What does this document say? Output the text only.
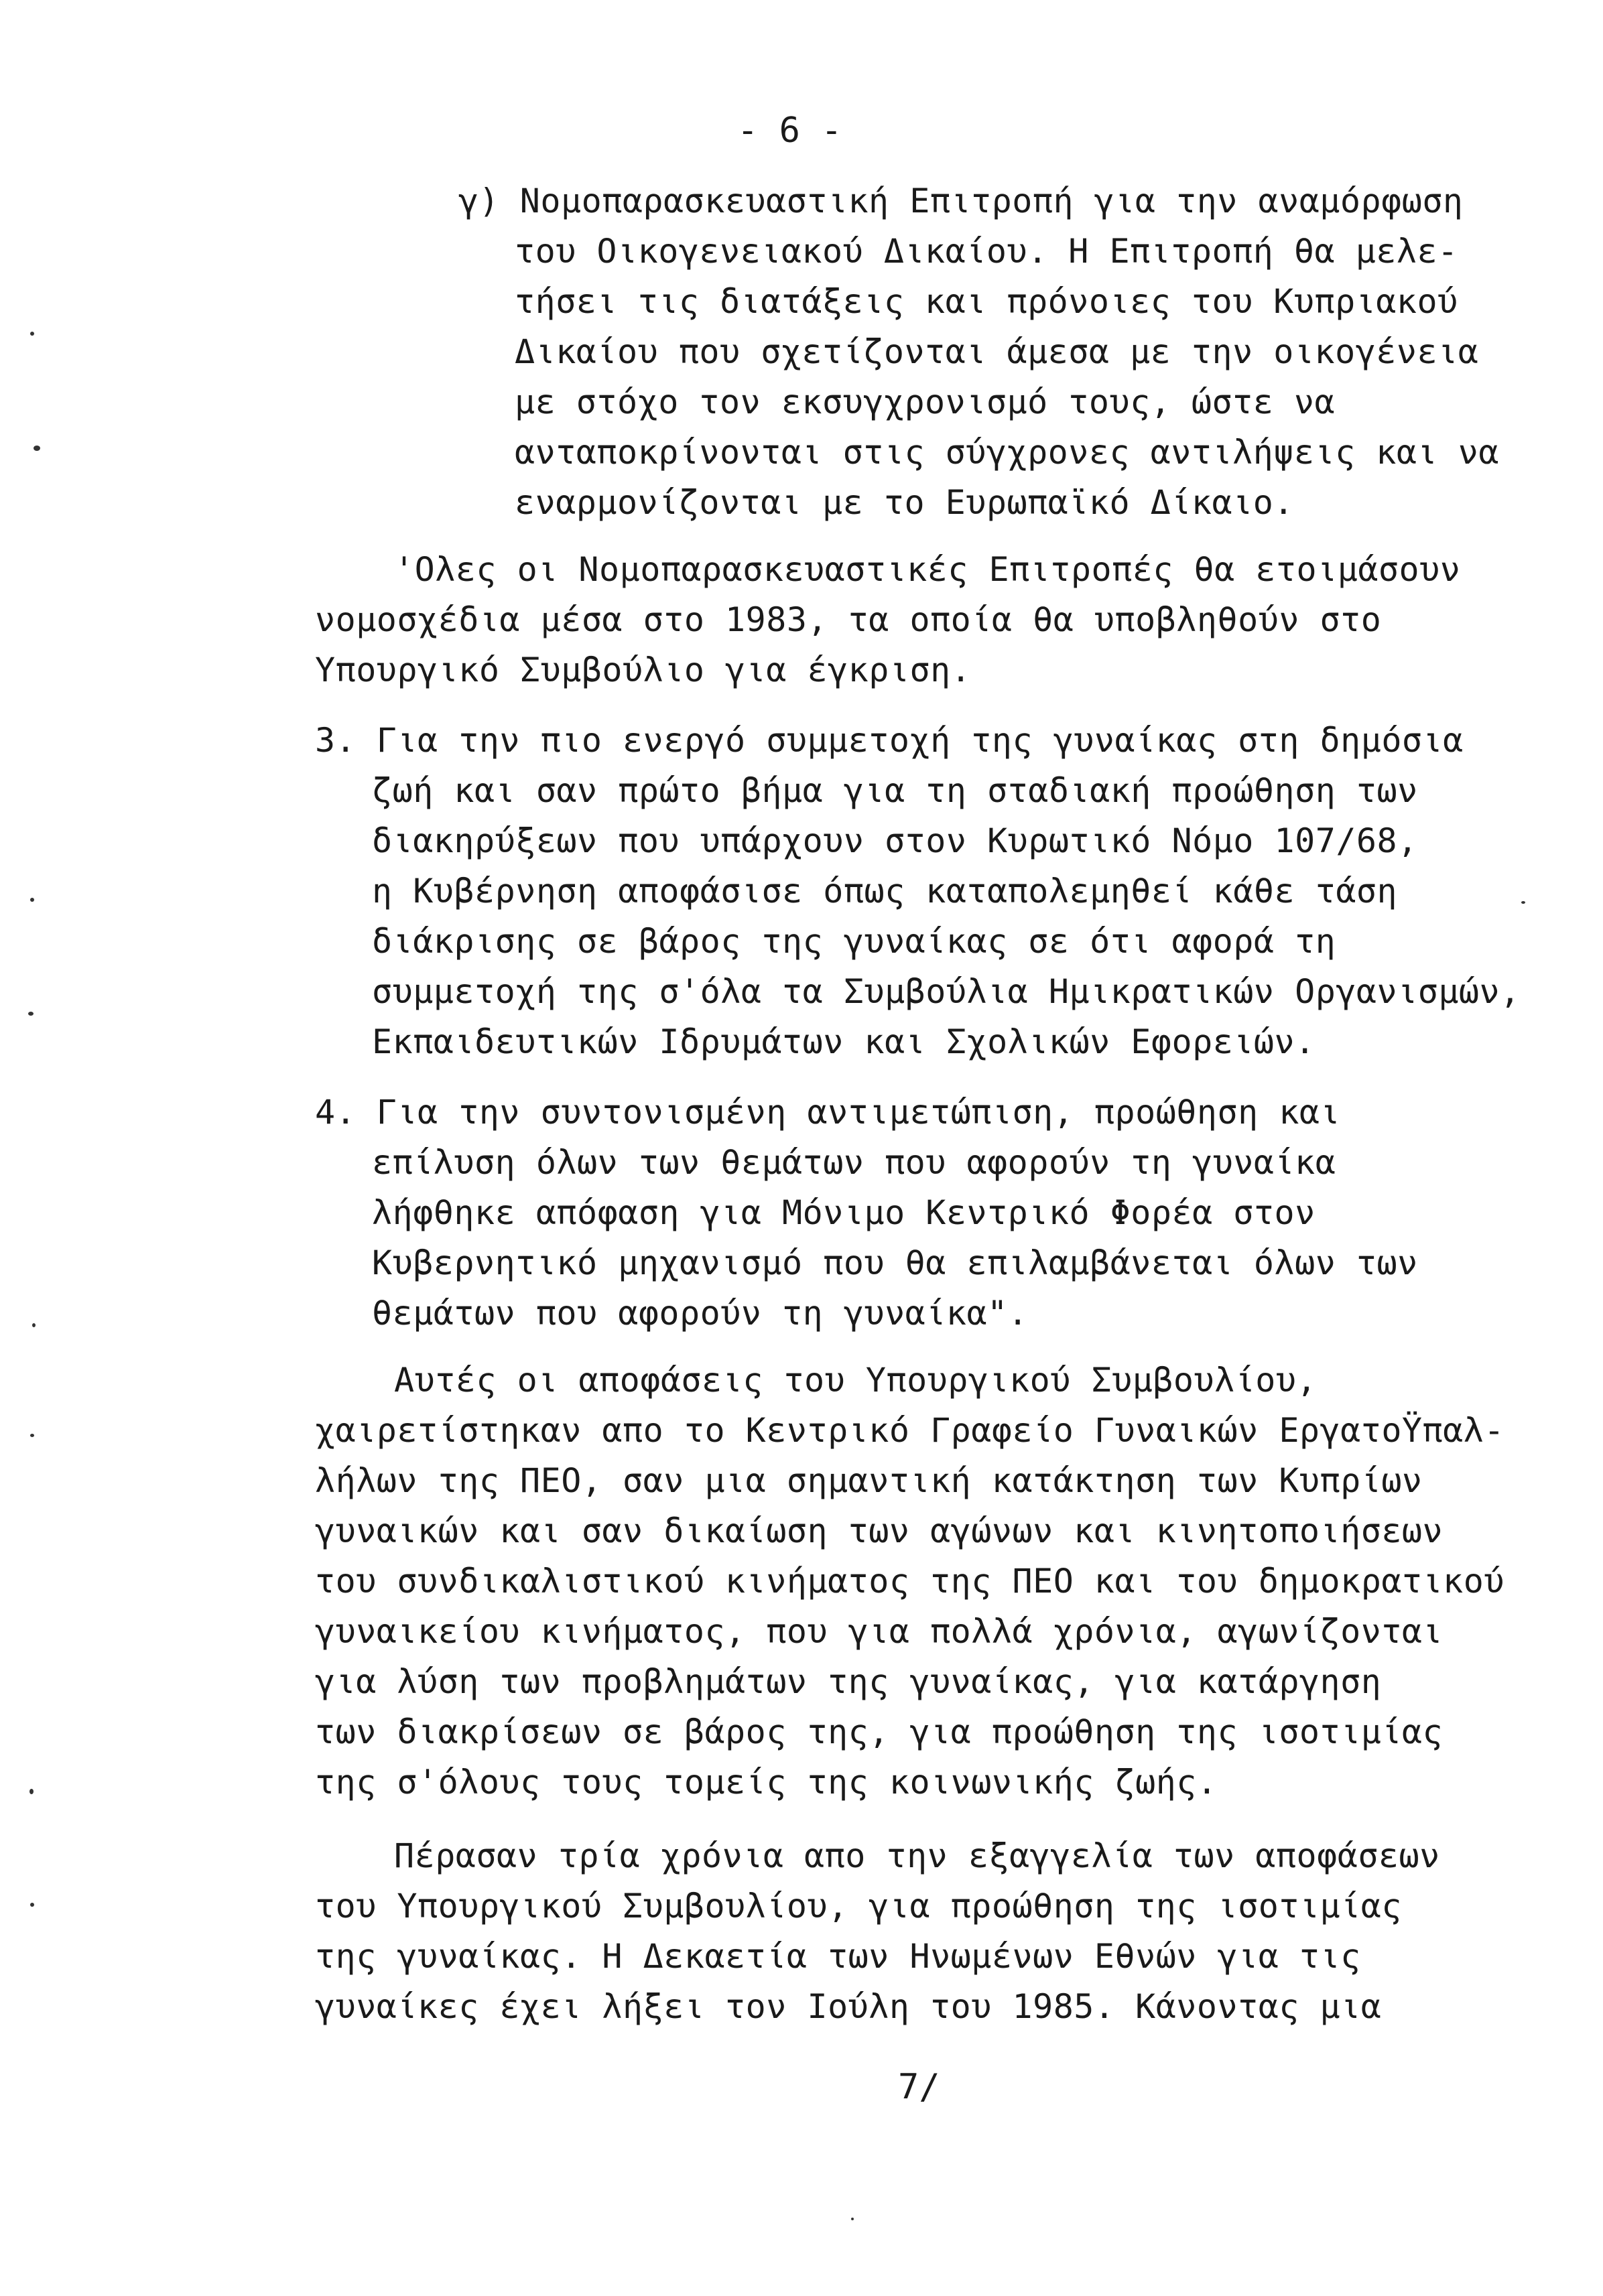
- 6 -
γ) Νομοπαρασκευαστική Επιτροπή για την αναμόρφωση
του Οικογενειακού Δικαίου. Η Επιτροπή θα μελε-
τήσει τις διατάξεις και πρόνοιες του Κυπριακού
Δικαίου που σχετίζονται άμεσα με την οικογένεια
με στόχο τον εκσυγχρονισμό τους, ώστε να
ανταποκρίνονται στις σύγχρονες αντιλήψεις και να
εναρμονίζονται με το Ευρωπαϊκό Δίκαιο.
'Ολες οι Νομοπαρασκευαστικές Επιτροπές θα ετοιμάσουν
νομοσχέδια μέσα στο 1983, τα οποία θα υποβληθούν στο
Υπουργικό Συμβούλιο για έγκριση.
3. Για την πιο ενεργό συμμετοχή της γυναίκας στη δημόσια
ζωή και σαν πρώτο βήμα για τη σταδιακή προώθηση των
διακηρύξεων που υπάρχουν στον Κυρωτικό Νόμο 107/68,
η Κυβέρνηση αποφάσισε όπως καταπολεμηθεί κάθε τάση
διάκρισης σε βάρος της γυναίκας σε ότι αφορά τη
συμμετοχή της σ'όλα τα Συμβούλια Ημικρατικών Οργανισμών,
Εκπαιδευτικών Ιδρυμάτων και Σχολικών Εφορειών.
4. Για την συντονισμένη αντιμετώπιση, προώθηση και
επίλυση όλων των θεμάτων που αφορούν τη γυναίκα
λήφθηκε απόφαση για Μόνιμο Κεντρικό Φορέα στον
Κυβερνητικό μηχανισμό που θα επιλαμβάνεται όλων των
θεμάτων που αφορούν τη γυναίκα".
Αυτές οι αποφάσεις του Υπουργικού Συμβουλίου,
χαιρετίστηκαν απο το Κεντρικό Γραφείο Γυναικών ΕργατοΫπαλ-
λήλων της ΠΕΟ, σαν μια σημαντική κατάκτηση των Κυπρίων
γυναικών και σαν δικαίωση των αγώνων και κινητοποιήσεων
του συνδικαλιστικού κινήματος της ΠΕΟ και του δημοκρατικού
γυναικείου κινήματος, που για πολλά χρόνια, αγωνίζονται
για λύση των προβλημάτων της γυναίκας, για κατάργηση
των διακρίσεων σε βάρος της, για προώθηση της ισοτιμίας
της σ'όλους τους τομείς της κοινωνικής ζωής.
Πέρασαν τρία χρόνια απο την εξαγγελία των αποφάσεων
του Υπουργικού Συμβουλίου, για προώθηση της ισοτιμίας
της γυναίκας. Η Δεκαετία των Ηνωμένων Εθνών για τις
γυναίκες έχει λήξει τον Ιούλη του 1985. Κάνοντας μια
7/
